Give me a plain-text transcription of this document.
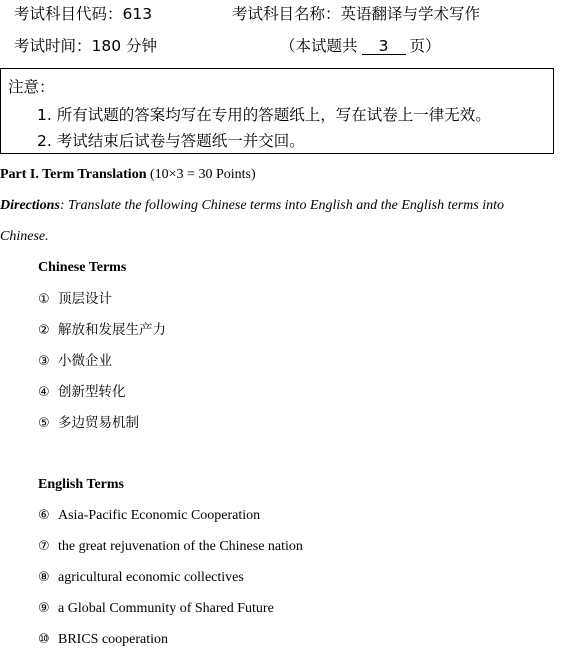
考试科目代码：613	考试科目名称：英语翻译与学术写作
考试时间：180 分钟	（本试题共 3 页）
注意：
1. 所有试题的答案均写在专用的答题纸上，写在试卷上一律无效。
2. 考试结束后试卷与答题纸一并交回。
Part I. Term Translation (10×3 = 30 Points)
Directions: Translate the following Chinese terms into English and the English terms into
Chinese.
Chinese Terms
① 顶层设计
② 解放和发展生产力
③ 小微企业
④ 创新型转化
⑤ 多边贸易机制
English Terms
⑥ Asia-Pacific Economic Cooperation
⑦ the great rejuvenation of the Chinese nation
⑧ agricultural economic collectives
⑨ a Global Community of Shared Future
⑩ BRICS cooperation
